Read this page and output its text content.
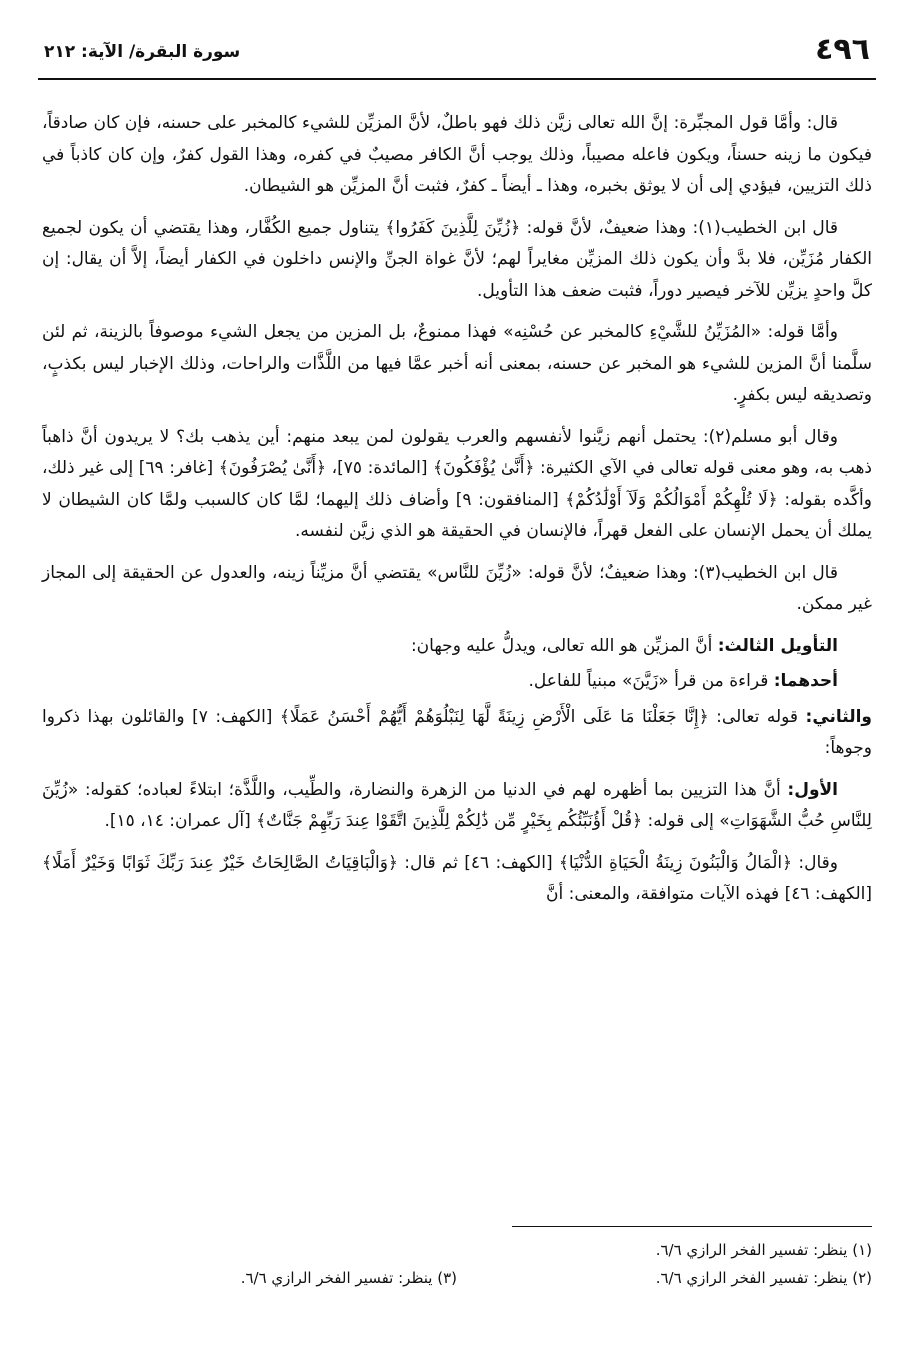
٤٩٦
سورة البقرة/ الآية: ٢١٢

قال: وأمَّا قول المجبِّرة: إنَّ الله تعالى زيَّن ذلك فهو باطلٌ، لأنَّ المزيِّن للشيء كالمخبر على حسنه، فإن كان صادقاً، فيكون ما زينه حسناً، ويكون فاعله مصيباً، وذلك يوجب أنَّ الكافر مصيبٌ في كفره، وهذا القول كفرٌ، وإن كان كاذباً في ذلك التزيين، فيؤدي إلى أن لا يوثق بخبره، وهذا ـ أيضاً ـ كفرٌ، فثبت أنَّ المزيِّن هو الشيطان.

قال ابن الخطيب(١): وهذا ضعيفٌ، لأنَّ قوله: ﴿زُيِّنَ لِلَّذِينَ كَفَرُوا﴾ يتناول جميع الكُفَّار، وهذا يقتضي أن يكون لجميع الكفار مُزَيِّن، فلا بدَّ وأن يكون ذلك المزيِّن مغايراً لهم؛ لأنَّ غواة الجنِّ والإنس داخلون في الكفار أيضاً، إلاَّ أن يقال: إن كلَّ واحدٍ يزيِّن للآخر فيصير دوراً، فثبت ضعف هذا التأويل.

وأمَّا قوله: «المُزَيِّنُ للشَّيْءِ كالمخبر عن حُسْنِه» فهذا ممنوعٌ، بل المزين من يجعل الشيء موصوفاً بالزينة، ثم لئن سلَّمنا أنَّ المزين للشيء هو المخبر عن حسنه، بمعنى أنه أخبر عمَّا فيها من اللَّذَّات والراحات، وذلك الإخبار ليس بكذبٍ، وتصديقه ليس بكفرٍ.

وقال أبو مسلم(٢): يحتمل أنهم زيَّنوا لأنفسهم والعرب يقولون لمن يبعد منهم: أين يذهب بك؟ لا يريدون أنَّ ذاهباً ذهب به، وهو معنى قوله تعالى في الآي الكثيرة: ﴿أَنَّىٰ يُؤْفَكُونَ﴾ [المائدة: ٧٥]، ﴿أَنَّىٰ يُصْرَفُونَ﴾ [غافر: ٦٩] إلى غير ذلك، وأكَّده بقوله: ﴿لَا تُلْهِكُمْ أَمْوَالُكُمْ وَلَآ أَوْلَٰدُكُمْ﴾ [المنافقون: ٩] وأضاف ذلك إليهما؛ لمَّا كان كالسبب ولمَّا كان الشيطان لا يملك أن يحمل الإنسان على الفعل قهراً، فالإنسان في الحقيقة هو الذي زيَّن لنفسه.

قال ابن الخطيب(٣): وهذا ضعيفٌ؛ لأنَّ قوله: «زُيِّنَ للنَّاس» يقتضي أنَّ مزيِّناً زينه، والعدول عن الحقيقة إلى المجاز غير ممكن.

التأويل الثالث: أنَّ المزيِّن هو الله تعالى، ويدلُّ عليه وجهان:

أحدهما: قراءة من قرأ «زَيَّنَ» مبنياً للفاعل.

والثاني: قوله تعالى: ﴿إِنَّا جَعَلْنَا مَا عَلَى الْأَرْضِ زِينَةً لَّهَا لِنَبْلُوَهُمْ أَيُّهُمْ أَحْسَنُ عَمَلًا﴾ [الكهف: ٧] والقائلون بهذا ذكروا وجوهاً:

الأول: أنَّ هذا التزيين بما أظهره لهم في الدنيا من الزهرة والنضارة، والطِّيب، واللَّذَّة؛ ابتلاءً لعباده؛ كقوله: «زُيِّنَ لِلنَّاسِ حُبُّ الشَّهَوَاتِ» إلى قوله: ﴿قُلْ أَؤُنَبِّئُكُم بِخَيْرٍ مِّن ذَٰلِكُمْ لِلَّذِينَ اتَّقَوْا عِندَ رَبِّهِمْ جَنَّاتٌ﴾ [آل عمران: ١٤، ١٥].

وقال: ﴿الْمَالُ وَالْبَنُونَ زِينَةُ الْحَيَاةِ الدُّنْيَا﴾ [الكهف: ٤٦] ثم قال: ﴿وَالْبَاقِيَاتُ الصَّالِحَاتُ خَيْرٌ عِندَ رَبِّكَ ثَوَابًا وَخَيْرٌ أَمَلًا﴾ [الكهف: ٤٦] فهذه الآيات متوافقة، والمعنى: أنَّ

(١) ينظر: تفسير الفخر الرازي ٦/٦.
(٢) ينظر: تفسير الفخر الرازي ٦/٦.
(٣) ينظر: تفسير الفخر الرازي ٦/٦.
